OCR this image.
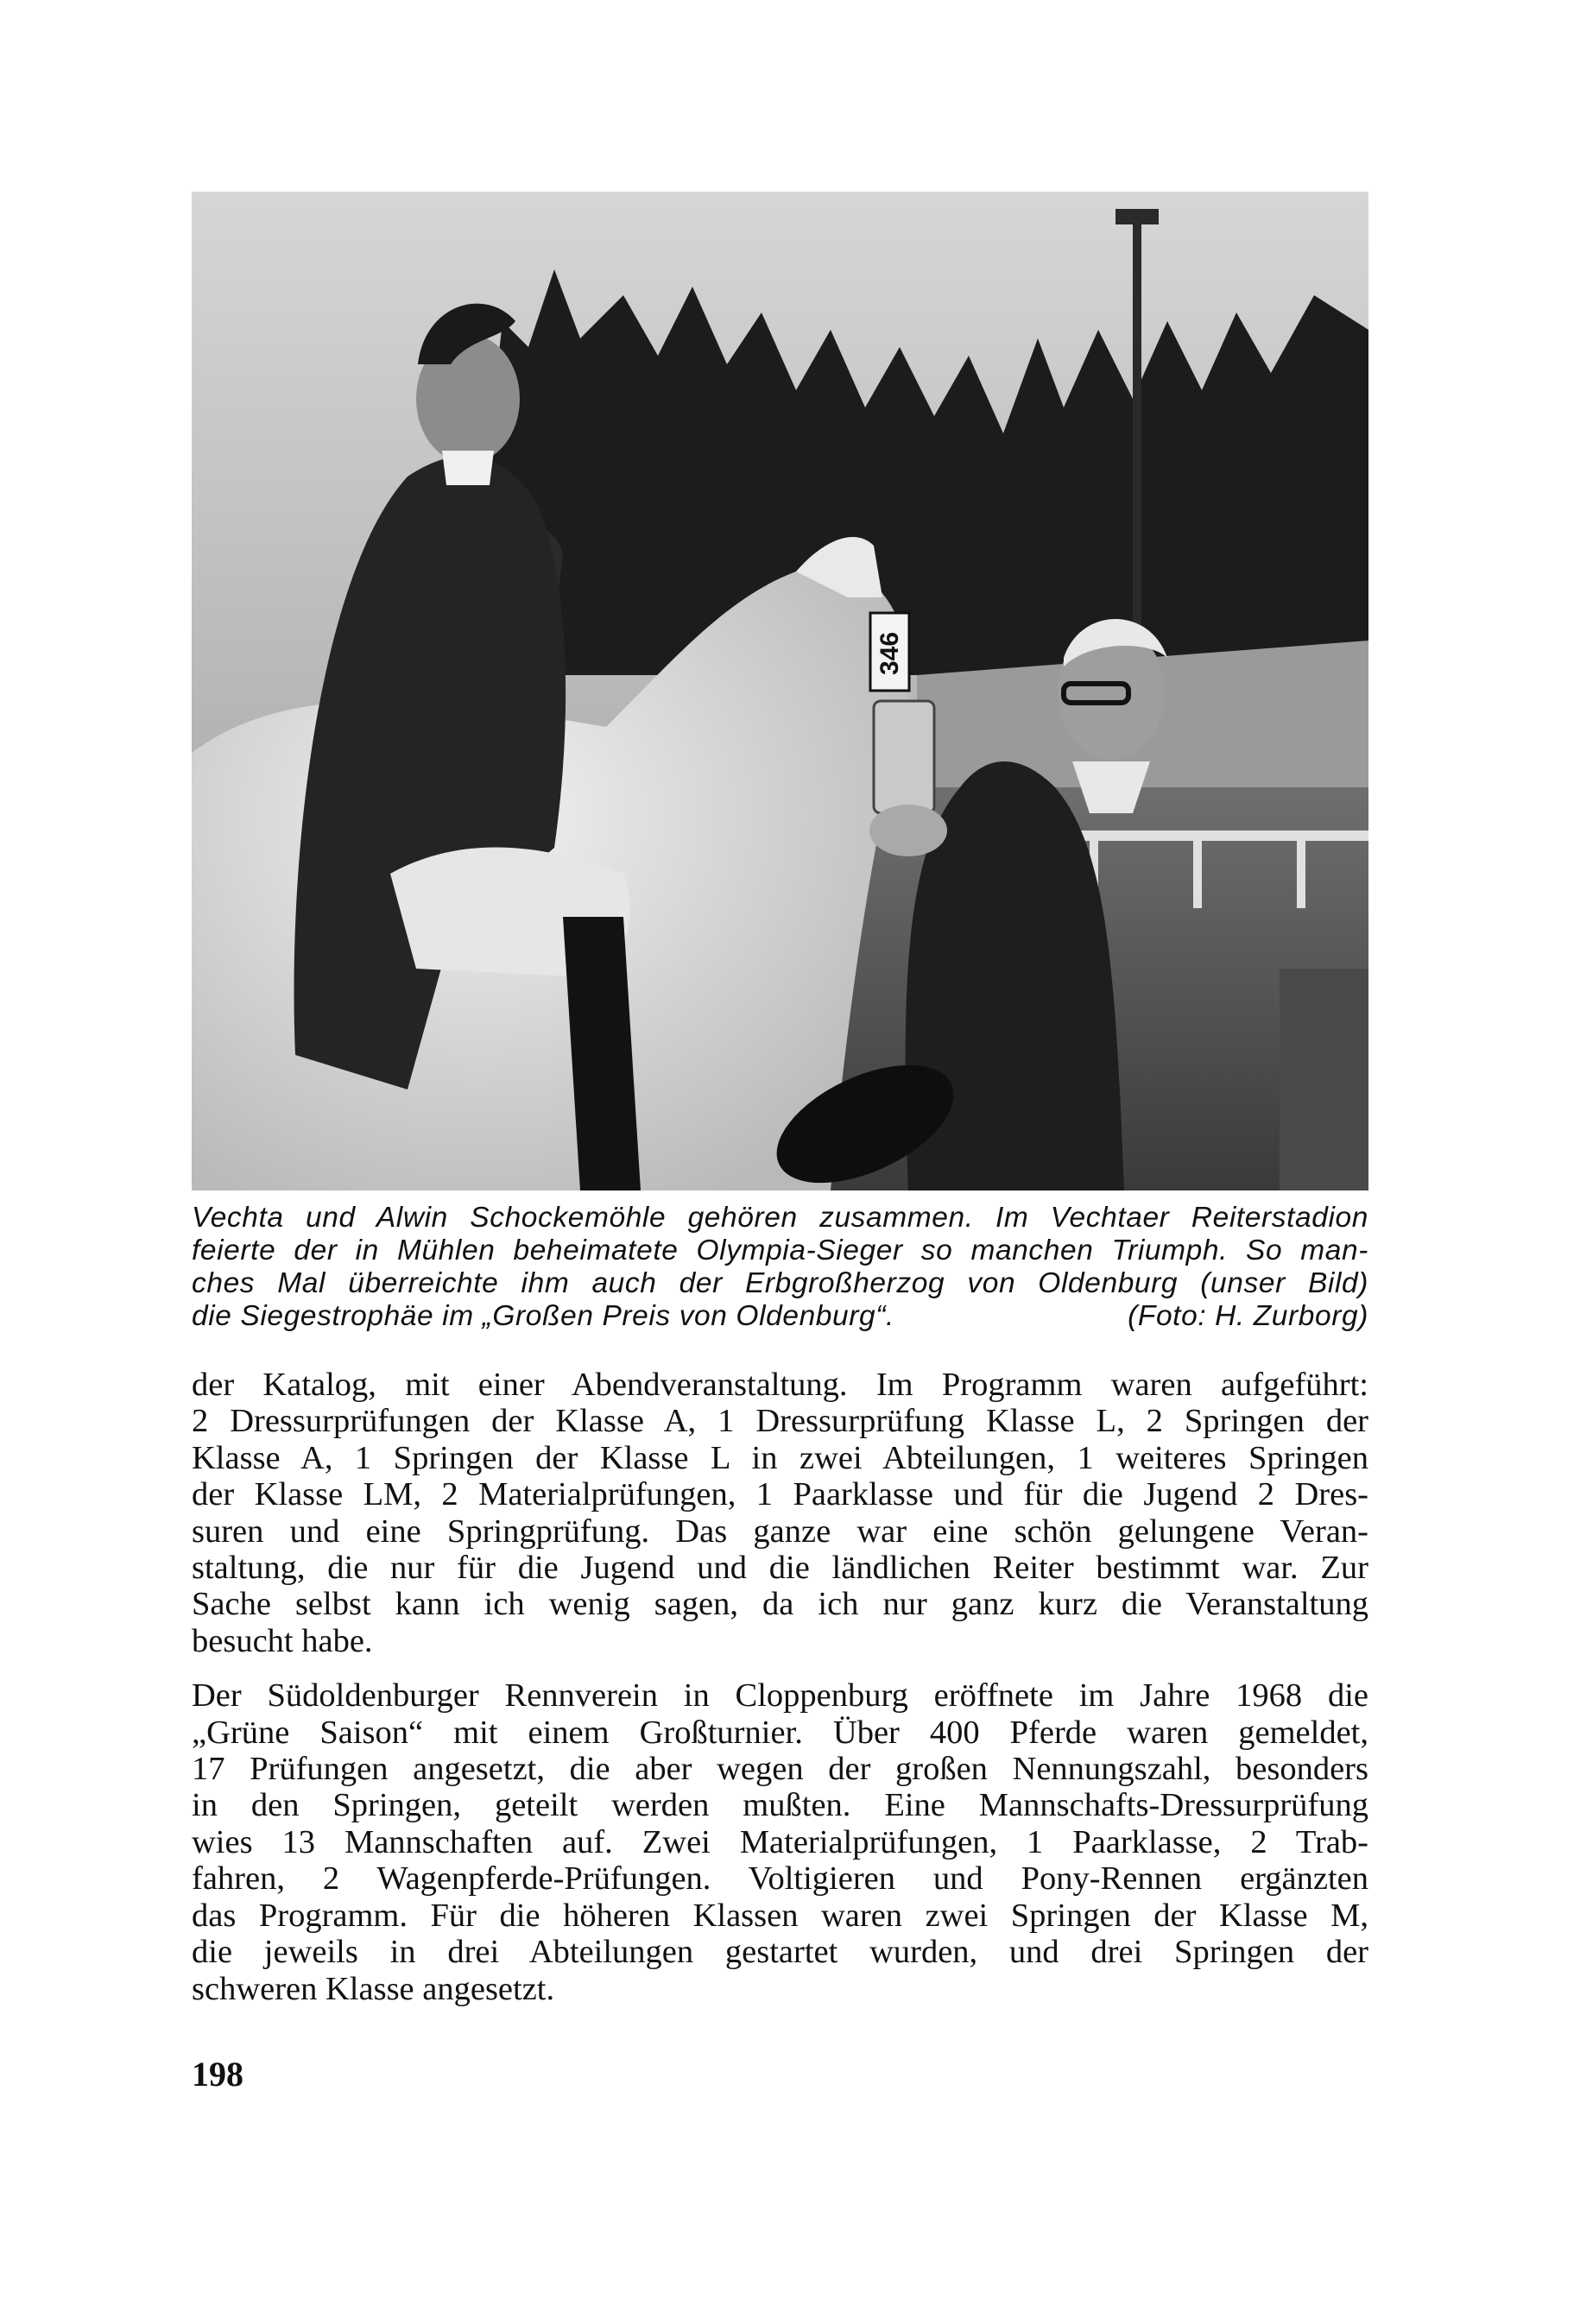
346
Vechta und Alwin Schockemöhle gehören zusammen. Im Vechtaer Reiterstadion
feierte der in Mühlen beheimatete Olympia-Sieger so manchen Triumph. So man-
ches Mal überreichte ihm auch der Erbgroßherzog von Oldenburg (unser Bild)
die Siegestrophäe im „Großen Preis von Oldenburg“.	(Foto: H. Zurborg)

der Katalog, mit einer Abendveranstaltung. Im Programm waren aufgeführt:
2 Dressurprüfungen der Klasse A, 1 Dressurprüfung Klasse L, 2 Springen der
Klasse A, 1 Springen der Klasse L in zwei Abteilungen, 1 weiteres Springen
der Klasse LM, 2 Materialprüfungen, 1 Paarklasse und für die Jugend 2 Dres-
suren und eine Springprüfung. Das ganze war eine schön gelungene Veran-
staltung, die nur für die Jugend und die ländlichen Reiter bestimmt war. Zur
Sache selbst kann ich wenig sagen, da ich nur ganz kurz die Veranstaltung
besucht habe.

Der Südoldenburger Rennverein in Cloppenburg eröffnete im Jahre 1968 die
„Grüne Saison“ mit einem Großturnier. Über 400 Pferde waren gemeldet,
17 Prüfungen angesetzt, die aber wegen der großen Nennungszahl, besonders
in den Springen, geteilt werden mußten. Eine Mannschafts-Dressurprüfung
wies 13 Mannschaften auf. Zwei Materialprüfungen, 1 Paarklasse, 2 Trab-
fahren, 2 Wagenpferde-Prüfungen. Voltigieren und Pony-Rennen ergänzten
das Programm. Für die höheren Klassen waren zwei Springen der Klasse M,
die jeweils in drei Abteilungen gestartet wurden, und drei Springen der
schweren Klasse angesetzt.

198
